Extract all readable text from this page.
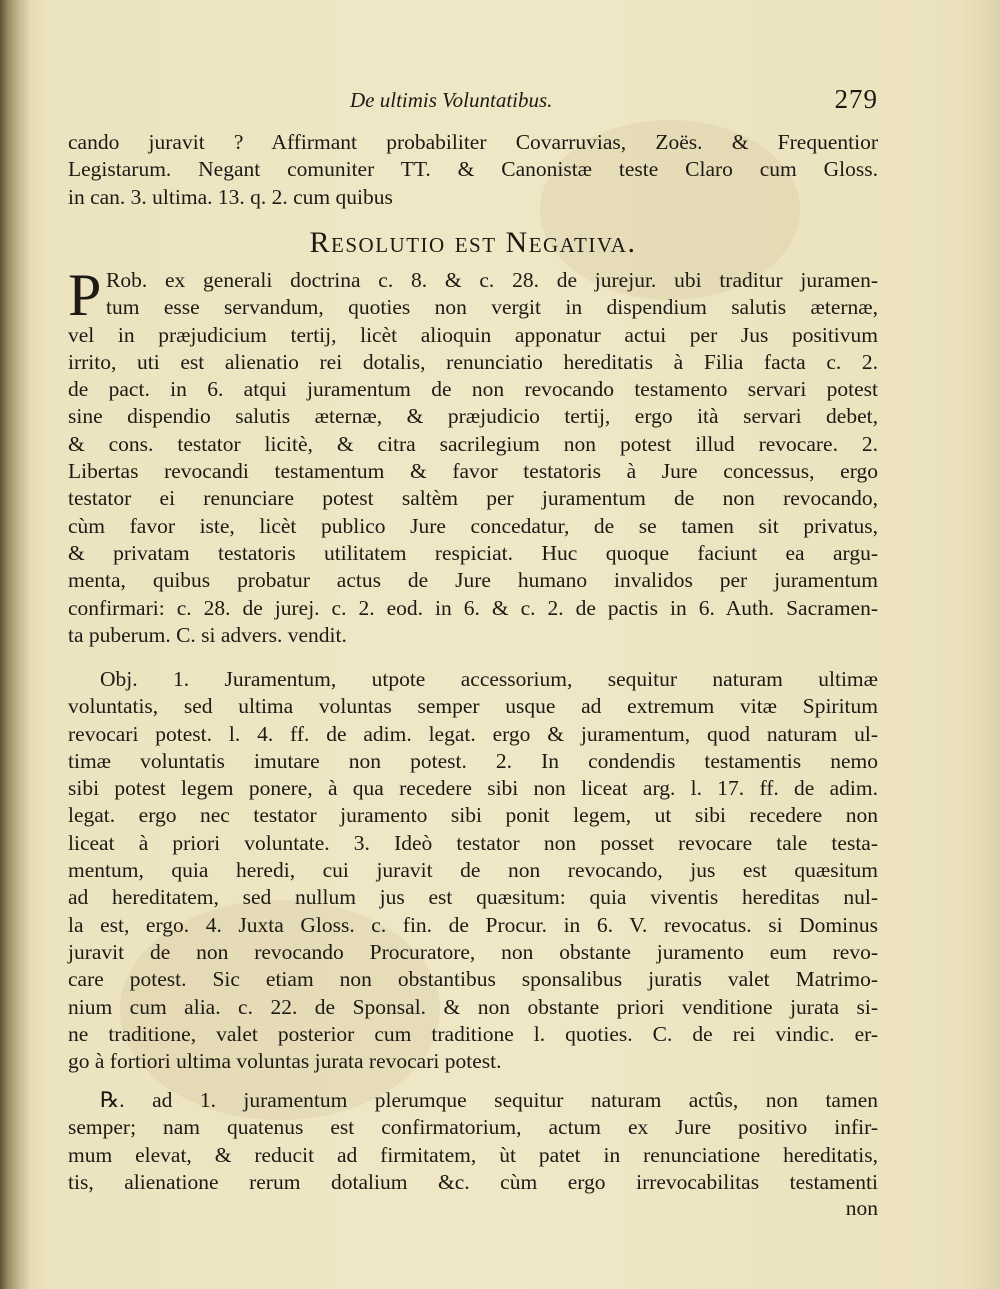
De ultimis Voluntatibus.	279
cando juravit ? Affirmant probabiliter Covarruvias, Zoës. & Frequentior
Legistarum. Negant comuniter TT. & Canonistæ teste Claro cum Gloss.
in can. 3. ultima. 13. q. 2. cum quibus
Resolutio est Negativa.
P Rob. ex generali doctrina c. 8. & c. 28. de jurejur. ubi traditur juramen-
tum esse servandum, quoties non vergit in dispendium salutis æternæ,
vel in præjudicium tertij, licèt alioquin apponatur actui per Jus positivum
irrito, uti est alienatio rei dotalis, renunciatio hereditatis à Filia facta c. 2.
de pact. in 6. atqui juramentum de non revocando testamento servari potest
sine dispendio salutis æternæ, & præjudicio tertij, ergo ità servari debet,
& cons. testator licitè, & citra sacrilegium non potest illud revocare. 2.
Libertas revocandi testamentum & favor testatoris à Jure concessus, ergo
testator ei renunciare potest saltèm per juramentum de non revocando,
cùm favor iste, licèt publico Jure concedatur, de se tamen sit privatus,
& privatam testatoris utilitatem respiciat. Huc quoque faciunt ea argu-
menta, quibus probatur actus de Jure humano invalidos per juramentum
confirmari: c. 28. de jurej. c. 2. eod. in 6. & c. 2. de pactis in 6. Auth. Sacramen-
ta puberum. C. si advers. vendit.
Obj. 1. Juramentum, utpote accessorium, sequitur naturam ultimæ
voluntatis, sed ultima voluntas semper usque ad extremum vitæ Spiritum
revocari potest. l. 4. ff. de adim. legat. ergo & juramentum, quod naturam ul-
timæ voluntatis imutare non potest. 2. In condendis testamentis nemo
sibi potest legem ponere, à qua recedere sibi non liceat arg. l. 17. ff. de adim.
legat. ergo nec testator juramento sibi ponit legem, ut sibi recedere non
liceat à priori voluntate. 3. Ideò testator non posset revocare tale testa-
mentum, quia heredi, cui juravit de non revocando, jus est quæsitum
ad hereditatem, sed nullum jus est quæsitum: quia viventis hereditas nul-
la est, ergo. 4. Juxta Gloss. c. fin. de Procur. in 6. V. revocatus. si Dominus
juravit de non revocando Procuratore, non obstante juramento eum revo-
care potest. Sic etiam non obstantibus sponsalibus juratis valet Matrimo-
nium cum alia. c. 22. de Sponsal. & non obstante priori venditione jurata si-
ne traditione, valet posterior cum traditione l. quoties. C. de rei vindic. er-
go à fortiori ultima voluntas jurata revocari potest.
℞. ad 1. juramentum plerumque sequitur naturam actûs, non tamen
semper; nam quatenus est confirmatorium, actum ex Jure positivo infir-
mum elevat, & reducit ad firmitatem, ùt patet in renunciatione hereditatis,
tis, alienatione rerum dotalium &c. cùm ergo irrevocabilitas testamenti
non
